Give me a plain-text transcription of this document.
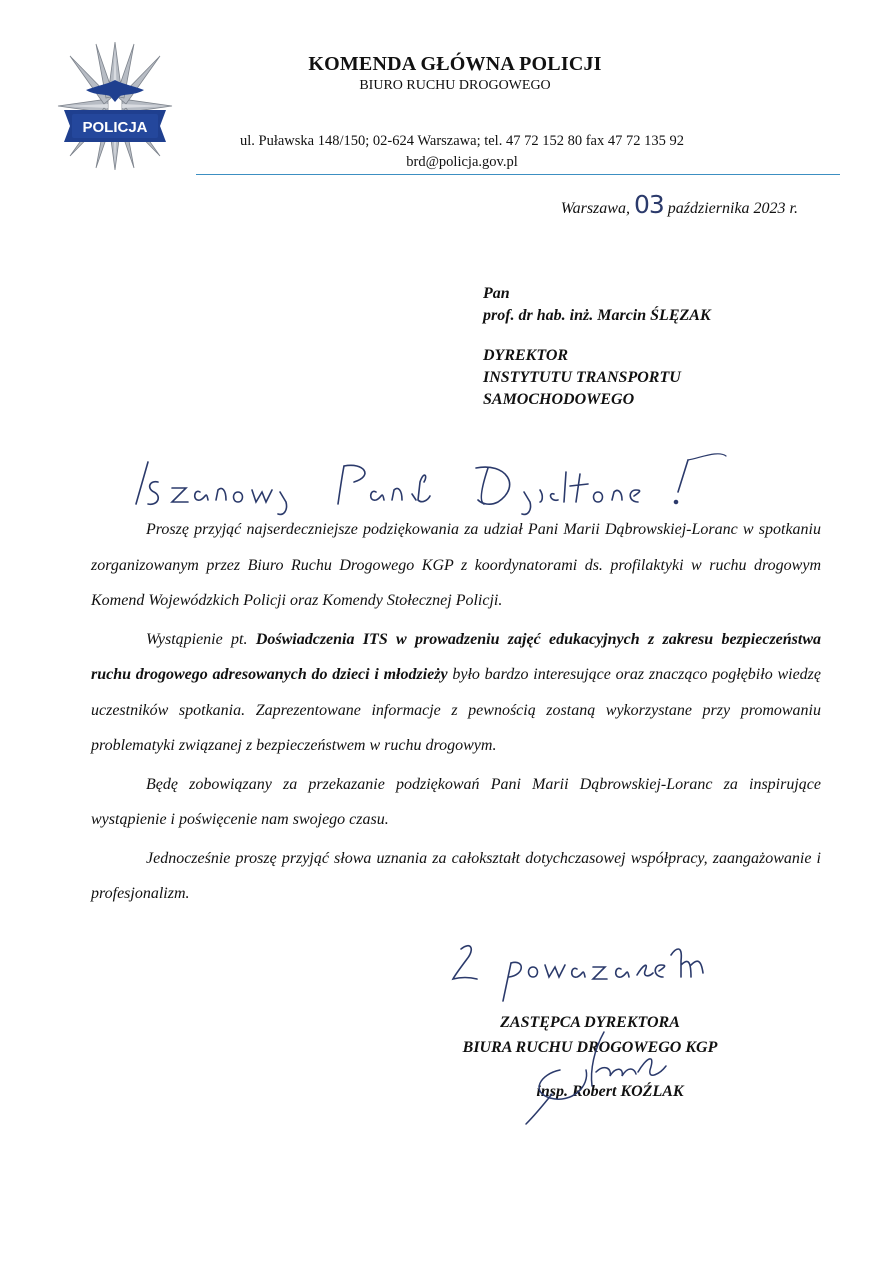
POLICJA
KOMENDA GŁÓWNA POLICJI
BIURO RUCHU DROGOWEGO
ul. Puławska 148/150; 02-624 Warszawa; tel. 47 72 152 80 fax 47 72 135 92
brd@policja.gov.pl
Warszawa, 03 października 2023 r.
Pan
prof. dr hab. inż. Marcin ŚLĘZAK
DYREKTOR
INSTYTUTU TRANSPORTU
SAMOCHODOWEGO

Proszę przyjąć najserdeczniejsze podziękowania za udział Pani Marii Dąbrowskiej-Loranc w spotkaniu zorganizowanym przez Biuro Ruchu Drogowego KGP z koordynatorami ds. profilaktyki w ruchu drogowym Komend Wojewódzkich Policji oraz Komendy Stołecznej Policji.

Wystąpienie pt. Doświadczenia ITS w prowadzeniu zajęć edukacyjnych z zakresu bezpieczeństwa ruchu drogowego adresowanych do dzieci i młodzieży było bardzo interesujące oraz znacząco pogłębiło wiedzę uczestników spotkania. Zaprezentowane informacje z pewnością zostaną wykorzystane przy promowaniu problematyki związanej z bezpieczeństwem w ruchu drogowym.

Będę zobowiązany za przekazanie podziękowań Pani Marii Dąbrowskiej-Loranc za inspirujące wystąpienie i poświęcenie nam swojego czasu.

Jednocześnie proszę przyjąć słowa uznania za całokształt dotychczasowej współpracy, zaangażowanie i profesjonalizm.

ZASTĘPCA DYREKTORA
BIURA RUCHU DROGOWEGO KGP
insp. Robert KOŹLAK
